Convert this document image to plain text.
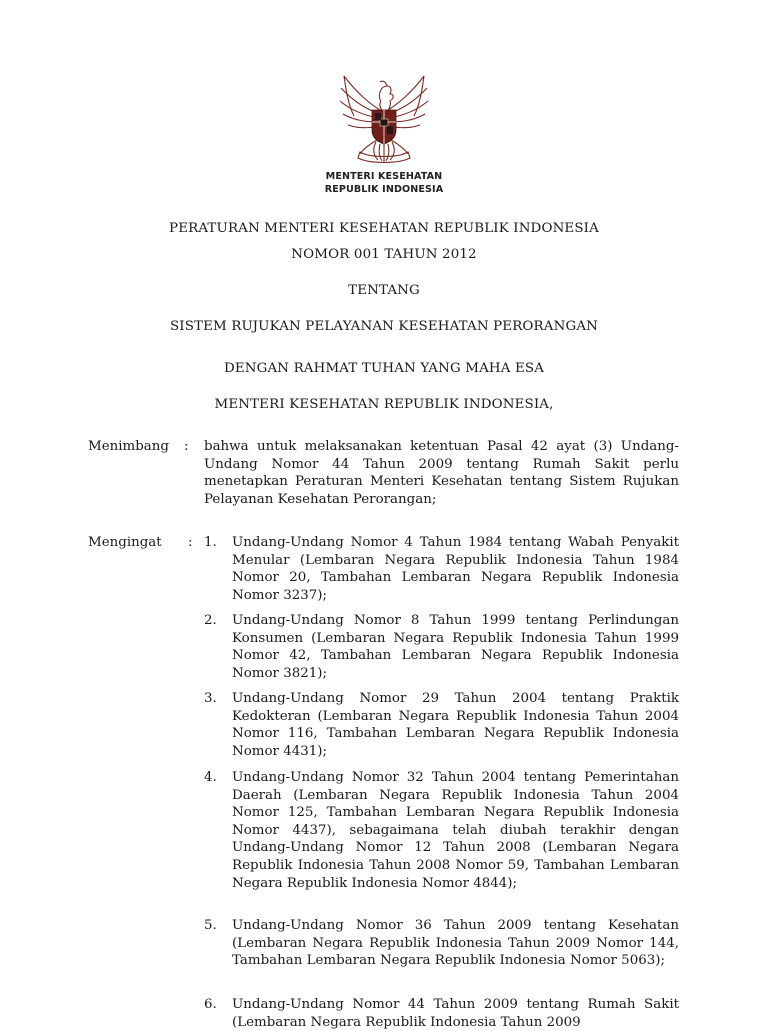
MENTERI KESEHATAN
REPUBLIK INDONESIA
PERATURAN MENTERI KESEHATAN REPUBLIK INDONESIA
NOMOR 001 TAHUN 2012
TENTANG
SISTEM RUJUKAN PELAYANAN KESEHATAN PERORANGAN
DENGAN RAHMAT TUHAN YANG MAHA ESA
MENTERI KESEHATAN REPUBLIK INDONESIA,
Menimbang : bahwa untuk melaksanakan ketentuan Pasal 42 ayat (3) Undang-Undang Nomor 44 Tahun 2009 tentang Rumah Sakit perlu menetapkan Peraturan Menteri Kesehatan tentang Sistem Rujukan Pelayanan Kesehatan Perorangan;
Mengingat : 1. Undang-Undang Nomor 4 Tahun 1984 tentang Wabah Penyakit Menular (Lembaran Negara Republik Indonesia Tahun 1984 Nomor 20, Tambahan Lembaran Negara Republik Indonesia Nomor 3237);
2. Undang-Undang Nomor 8 Tahun 1999 tentang Perlindungan Konsumen (Lembaran Negara Republik Indonesia Tahun 1999 Nomor 42, Tambahan Lembaran Negara Republik Indonesia Nomor 3821);
3. Undang-Undang Nomor 29 Tahun 2004 tentang Praktik Kedokteran (Lembaran Negara Republik Indonesia Tahun 2004 Nomor 116, Tambahan Lembaran Negara Republik Indonesia Nomor 4431);
4. Undang-Undang Nomor 32 Tahun 2004 tentang Pemerintahan Daerah (Lembaran Negara Republik Indonesia Tahun 2004 Nomor 125, Tambahan Lembaran Negara Republik Indonesia Nomor 4437), sebagaimana telah diubah terakhir dengan Undang-Undang Nomor 12 Tahun 2008 (Lembaran Negara Republik Indonesia Tahun 2008 Nomor 59, Tambahan Lembaran Negara Republik Indonesia Nomor 4844);
5. Undang-Undang Nomor 36 Tahun 2009 tentang Kesehatan (Lembaran Negara Republik Indonesia Tahun 2009 Nomor 144, Tambahan Lembaran Negara Republik Indonesia Nomor 5063);
6. Undang-Undang Nomor 44 Tahun 2009 tentang Rumah Sakit (Lembaran Negara Republik Indonesia Tahun 2009
